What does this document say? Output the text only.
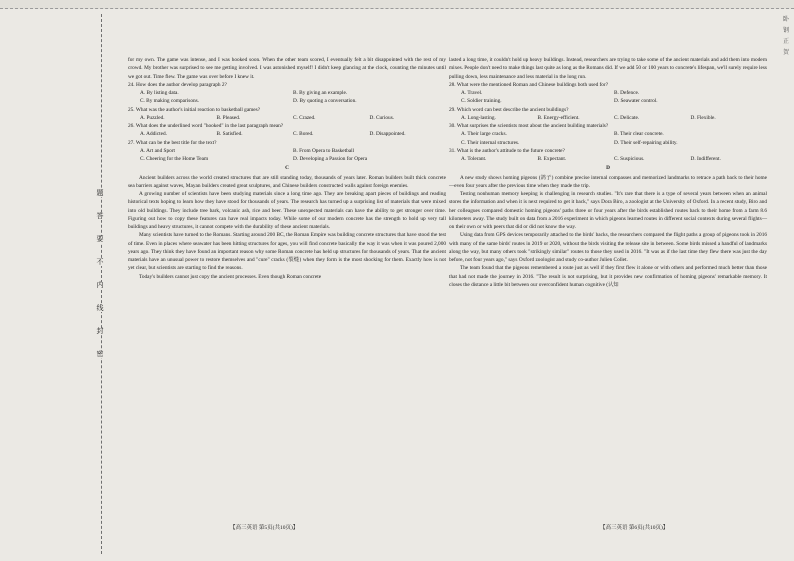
题
答
要
不
内
线
封
密
卧
钢
正
贺

for my own. The game was intense, and I was hooked soon. When the other team scored, I eventually felt a bit disappointed with the rest of my crowd. My brother was surprised to see me getting involved. I was astonished myself! I didn't keep glancing at the clock, counting the minutes until we got out. Time flew. The game was over before I knew it.

24. How does the author develop paragraph 2?
A. By listing data.	B. By giving an example.
C. By making comparisons.	D. By quoting a conversation.
25. What was the author's initial reaction to basketball games?
A. Puzzled.	B. Pleased.	C. Crazed.	D. Curious.
26. What does the underlined word "hooked" in the last paragraph mean?
A. Addicted.	B. Satisfied.	C. Bored.	D. Disappointed.
27. What can be the best title for the text?
A. Art and Sport	B. From Opera to Basketball
C. Cheering for the Home Team	D. Developing a Passion for Opera
C

Ancient builders across the world created structures that are still standing today, thousands of years later. Roman builders built thick concrete sea barriers against waves, Mayan builders created great sculptures, and Chinese builders constructed walls against foreign enemies.

A growing number of scientists have been studying materials since a long time ago. They are breaking apart pieces of buildings and reading historical texts hoping to learn how they have stood for thousands of years. The research has turned up a surprising list of materials that were mixed into old buildings. They include tree bark, volcanic ash, rice and beer. These unexpected materials can have the ability to get stronger over time. Figuring out how to copy these features can have real impacts today. While some of our modern concrete has the strength to hold up very tall buildings and heavy structures, it cannot compete with the durability of these ancient materials.

Many scientists have turned to the Romans. Starting around 200 BC, the Roman Empire was building concrete structures that have stood the test of time. Even in places where seawater has been hitting structures for ages, you will find concrete basically the way it was when it was poured 2,000 years ago. They think they have found an important reason why some Roman concrete has held up structures for thousands of years. That the ancient materials have an unusual power to restore themselves and "cure" cracks (裂缝) when they form is the most shocking for them. Exactly how is not yet clear, but scientists are starting to find the reasons.

Today's builders cannot just copy the ancient processes. Even though Roman concrete

lasted a long time, it couldn't hold up heavy buildings. Instead, researchers are trying to take some of the ancient materials and add them into modern mixes. People don't need to make things last quite as long as the Romans did. If we add 50 or 100 years to concrete's lifespan, we'll surely require less pulling down, less maintenance and less material in the long run.

28. What were the mentioned Roman and Chinese buildings both used for?
A. Travel.	B. Defence.
C. Soldier training.	D. Seawater control.
29. Which word can best describe the ancient buildings?
A. Long-lasting.	B. Energy-efficient.	C. Delicate.	D. Flexible.
30. What surprises the scientists most about the ancient building materials?
A. Their large cracks.	B. Their clear concrete.
C. Their internal structures.	D. Their self-repairing ability.
31. What is the author's attitude to the future concrete?
A. Tolerant.	B. Expectant.	C. Suspicious.	D. Indifferent.
D

A new study shows homing pigeons (鸽子) combine precise internal compasses and memorized landmarks to retrace a path back to their home—even four years after the previous time when they made the trip.

Testing nonhuman memory keeping is challenging in research studies. "It's rare that there is a type of several years between when an animal stores the information and when it is next required to get it back," says Dora Biro, a zoologist at the University of Oxford. In a recent study, Biro and her colleagues compared domestic homing pigeons' paths three or four years after the birds established routes back to their home from a farm 8.6 kilometers away. The study built on data from a 2016 experiment in which pigeons learned routes in different social contexts during several flights—on their own or with peers that did or did not know the way.

Using data from GPS devices temporarily attached to the birds' backs, the researchers compared the flight paths a group of pigeons took in 2016 with many of the same birds' routes in 2019 or 2020, without the birds visiting the release site in between. Some birds missed a handful of landmarks along the way, but many others took "strikingly similar" routes to those they used in 2016. "It was as if the last time they flew there was just the day before, not four years ago," says Oxford zoologist and study co-author Julien Collet.

The team found that the pigeons remembered a route just as well if they first flew it alone or with others and performed much better than those that had not made the journey in 2016. "The result is not surprising, but it provides new confirmation of homing pigeons' remarkable memory. It closes the distance a little bit between our overconfident human cognitive (认知

【高三英语 第5页(共10页)】	【高三英语 第6页(共10页)】
